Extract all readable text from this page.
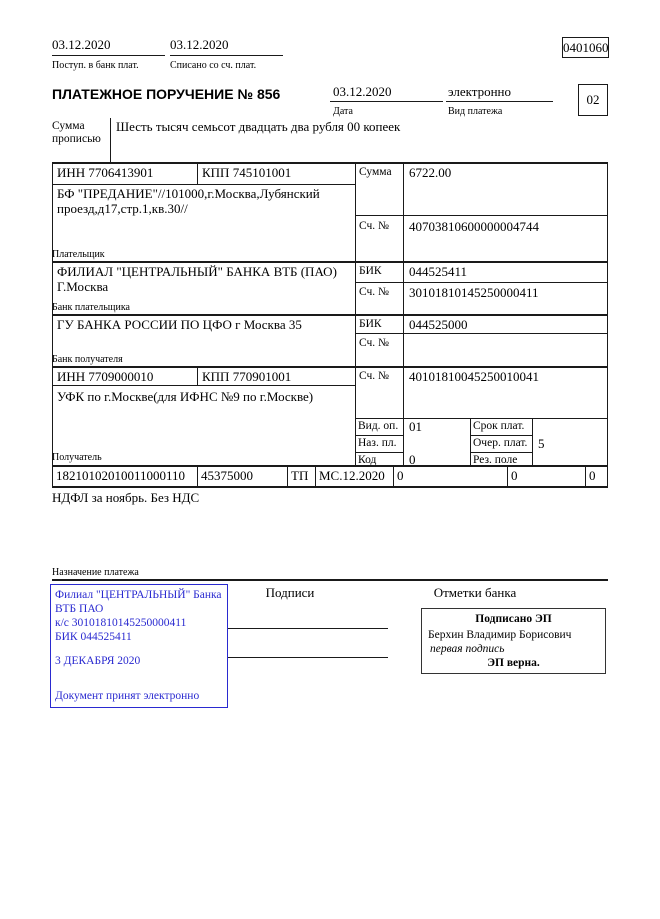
03.12.2020
Поступ. в банк плат.
03.12.2020
Списано со сч. плат.
0401060
ПЛАТЕЖНОЕ ПОРУЧЕНИЕ № 856	03.12.2020
Дата
электронно
Вид платежа
02
Сумма прописью
Шесть тысяч семьсот двадцать два рубля 00 копеек
ИНН 7706413901	КПП 745101001
БФ "ПРЕДАНИЕ"//101000,г.Москва,Лубянский
проезд,д17,стр.1,кв.30//
Плательщик
Сумма 6722.00
Сч. № 40703810600000004744
ФИЛИАЛ "ЦЕНТРАЛЬНЫЙ" БАНКА ВТБ (ПАО)
Г.Москва
Банк плательщика
БИК 044525411
Сч. № 30101810145250000411
ГУ БАНКА РОССИИ ПО ЦФО г Москва 35
Банк получателя
БИК 044525000
Сч. №
ИНН 7709000010	КПП 770901001
УФК по г.Москве(для ИФНС №9 по г.Москве)
Получатель
Сч. № 40101810045250010041
Вид. оп. 01	Срок плат.
Наз. пл.	Очер. плат. 5
Код	0	Рез. поле
18210102010011000110 45375000	ТП МС.12.2020 0	0	0
НДФЛ за ноябрь. Без НДС
Назначение платежа
Подписи	Отметки банка
Филиал "ЦЕНТРАЛЬНЫЙ" Банка
ВТБ ПАО
к/с 30101810145250000411
БИК 044525411
3 ДЕКАБРЯ 2020
Документ принят электронно
Подписано ЭП
Берхин Владимир Борисович
первая подпись
ЭП верна.
